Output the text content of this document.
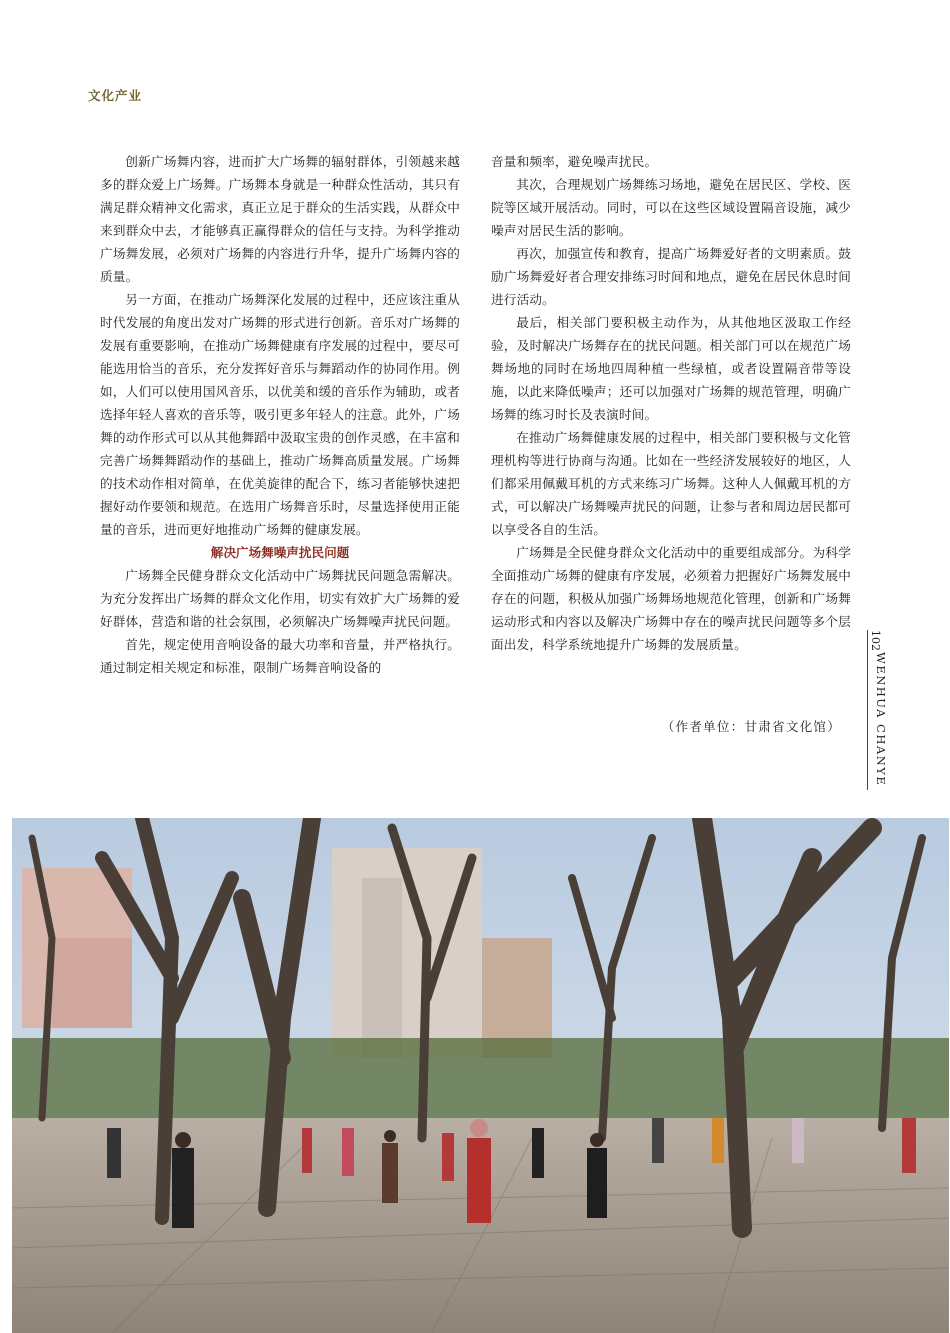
文化产业

创新广场舞内容，进而扩大广场舞的辐射群体，引领越来越多的群众爱上广场舞。广场舞本身就是一种群众性活动，其只有满足群众精神文化需求，真正立足于群众的生活实践，从群众中来到群众中去，才能够真正赢得群众的信任与支持。为科学推动广场舞发展，必须对广场舞的内容进行升华，提升广场舞内容的质量。

另一方面，在推动广场舞深化发展的过程中，还应该注重从时代发展的角度出发对广场舞的形式进行创新。音乐对广场舞的发展有重要影响，在推动广场舞健康有序发展的过程中，要尽可能选用恰当的音乐，充分发挥好音乐与舞蹈动作的协同作用。例如，人们可以使用国风音乐，以优美和缓的音乐作为辅助，或者选择年轻人喜欢的音乐等，吸引更多年轻人的注意。此外，广场舞的动作形式可以从其他舞蹈中汲取宝贵的创作灵感，在丰富和完善广场舞舞蹈动作的基础上，推动广场舞高质量发展。广场舞的技术动作相对简单，在优美旋律的配合下，练习者能够快速把握好动作要领和规范。在选用广场舞音乐时，尽量选择使用正能量的音乐，进而更好地推动广场舞的健康发展。

解决广场舞噪声扰民问题

广场舞全民健身群众文化活动中广场舞扰民问题急需解决。为充分发挥出广场舞的群众文化作用，切实有效扩大广场舞的爱好群体，营造和谐的社会氛围，必须解决广场舞噪声扰民问题。

首先，规定使用音响设备的最大功率和音量，并严格执行。通过制定相关规定和标准，限制广场舞音响设备的

音量和频率，避免噪声扰民。

其次，合理规划广场舞练习场地，避免在居民区、学校、医院等区域开展活动。同时，可以在这些区域设置隔音设施，减少噪声对居民生活的影响。

再次，加强宣传和教育，提高广场舞爱好者的文明素质。鼓励广场舞爱好者合理安排练习时间和地点，避免在居民休息时间进行活动。

最后，相关部门要积极主动作为，从其他地区汲取工作经验，及时解决广场舞存在的扰民问题。相关部门可以在规范广场舞场地的同时在场地四周种植一些绿植，或者设置隔音带等设施，以此来降低噪声；还可以加强对广场舞的规范管理，明确广场舞的练习时长及表演时间。

在推动广场舞健康发展的过程中，相关部门要积极与文化管理机构等进行协商与沟通。比如在一些经济发展较好的地区，人们都采用佩戴耳机的方式来练习广场舞。这种人人佩戴耳机的方式，可以解决广场舞噪声扰民的问题，让参与者和周边居民都可以享受各自的生活。

广场舞是全民健身群众文化活动中的重要组成部分。为科学全面推动广场舞的健康有序发展，必须着力把握好广场舞发展中存在的问题，积极从加强广场舞场地规范化管理，创新和广场舞运动形式和内容以及解决广场舞中存在的噪声扰民问题等多个层面出发，科学系统地提升广场舞的发展质量。

（作者单位：甘肃省文化馆）

102
WENHUA CHANYE
